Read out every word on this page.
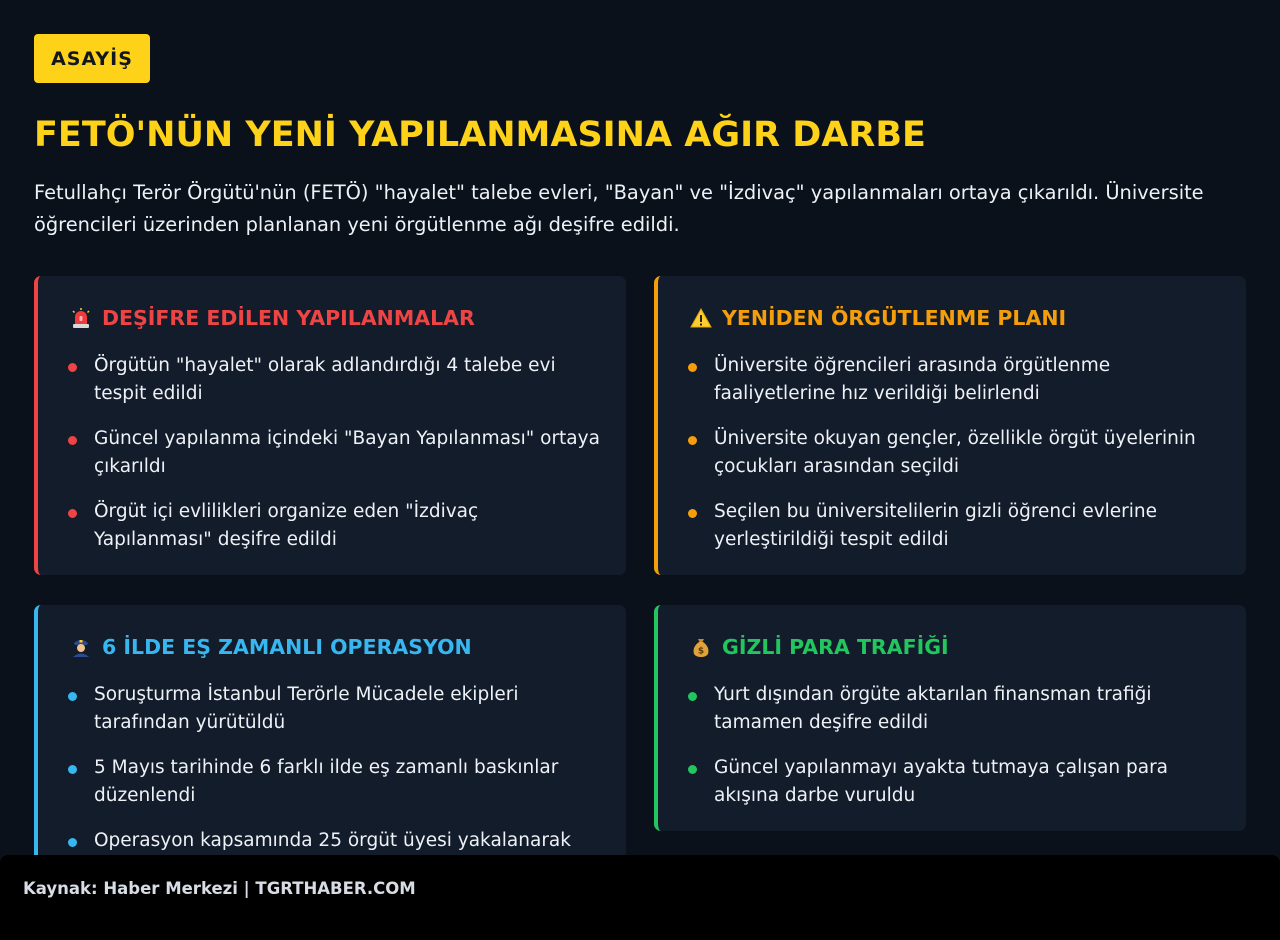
ASAYİŞ
FETÖ'NÜN YENİ YAPILANMASINA AĞIR DARBE

Fetullahçı Terör Örgütü'nün (FETÖ) "hayalet" talebe evleri, "Bayan" ve "İzdivaç" yapılanmaları ortaya çıkarıldı. Üniversite öğrencileri üzerinden planlanan yeni örgütlenme ağı deşifre edildi.

DEŞİFRE EDİLEN YAPILANMALAR
Örgütün "hayalet" olarak adlandırdığı 4 talebe evi tespit edildi
Güncel yapılanma içindeki "Bayan Yapılanması" ortaya çıkarıldı
Örgüt içi evlilikleri organize eden "İzdivaç Yapılanması" deşifre edildi
YENİDEN ÖRGÜTLENME PLANI
Üniversite öğrencileri arasında örgütlenme faaliyetlerine hız verildiği belirlendi
Üniversite okuyan gençler, özellikle örgüt üyelerinin çocukları arasından seçildi
Seçilen bu üniversitelilerin gizli öğrenci evlerine yerleştirildiği tespit edildi
6 İLDE EŞ ZAMANLI OPERASYON
Soruşturma İstanbul Terörle Mücadele ekipleri tarafından yürütüldü
5 Mayıs tarihinde 6 farklı ilde eş zamanlı baskınlar düzenlendi
Operasyon kapsamında 25 örgüt üyesi yakalanarak
$ GİZLİ PARA TRAFİĞİ
Yurt dışından örgüte aktarılan finansman trafiği tamamen deşifre edildi
Güncel yapılanmayı ayakta tutmaya çalışan para akışına darbe vuruldu
Kaynak: Haber Merkezi | TGRTHABER.COM
